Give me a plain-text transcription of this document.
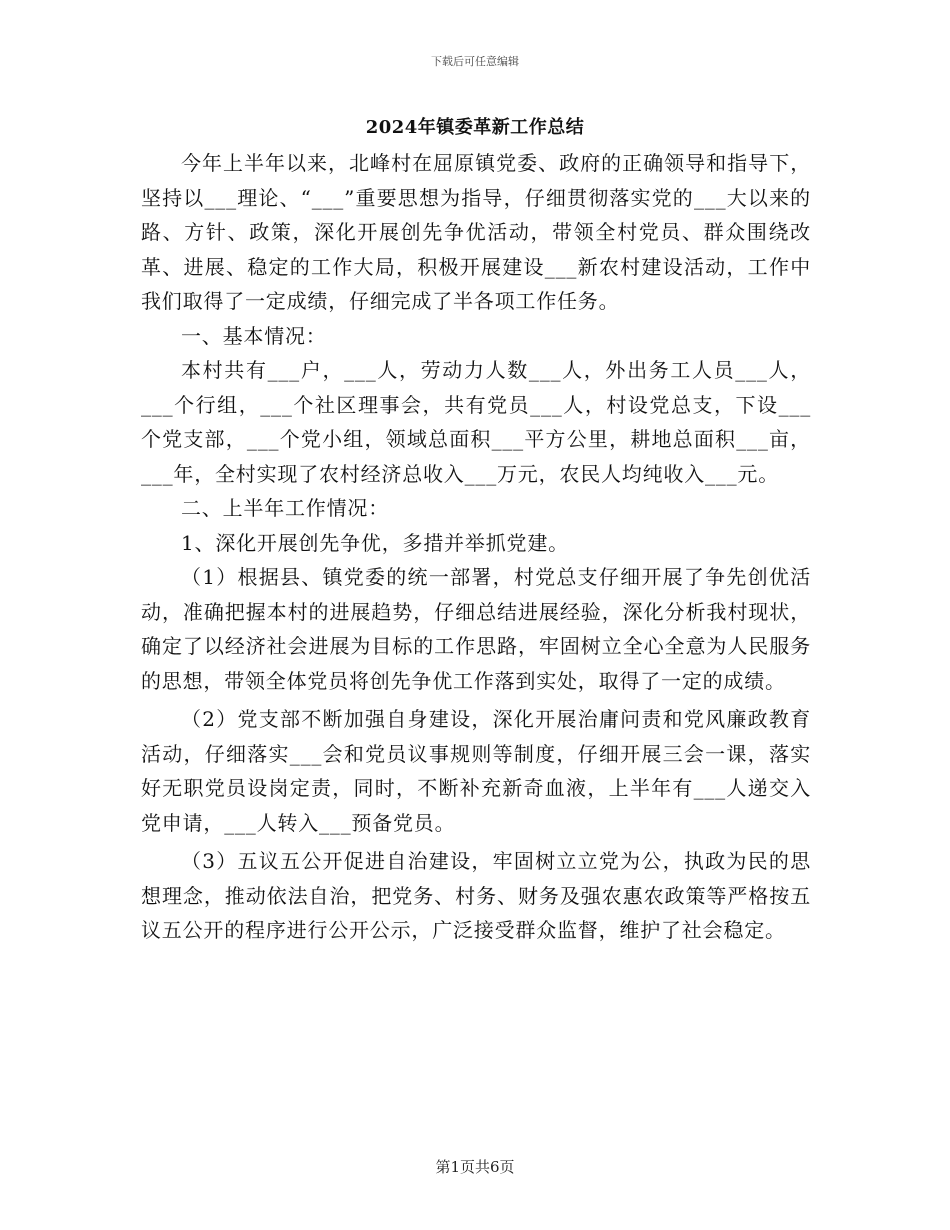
下载后可任意编辑
2024年镇委革新工作总结

今年上半年以来，北峰村在屈原镇党委、政府的正确领导和指导下，坚持以___理论、“___”重要思想为指导，仔细贯彻落实党的___大以来的路、方针、政策，深化开展创先争优活动，带领全村党员、群众围绕改革、进展、稳定的工作大局，积极开展建设___新农村建设活动，工作中我们取得了一定成绩，仔细完成了半各项工作任务。

一、基本情况：

本村共有___户，___人，劳动力人数___人，外出务工人员___人，___个行组，___个社区理事会，共有党员___人，村设党总支，下设___个党支部，___个党小组，领域总面积___平方公里，耕地总面积___亩，___年，全村实现了农村经济总收入___万元，农民人均纯收入___元。

二、上半年工作情况：

1、深化开展创先争优，多措并举抓党建。

（1）根据县、镇党委的统一部署，村党总支仔细开展了争先创优活动，准确把握本村的进展趋势，仔细总结进展经验，深化分析我村现状，确定了以经济社会进展为目标的工作思路，牢固树立全心全意为人民服务的思想，带领全体党员将创先争优工作落到实处，取得了一定的成绩。

（2）党支部不断加强自身建设，深化开展治庸问责和党风廉政教育活动，仔细落实___会和党员议事规则等制度，仔细开展三会一课，落实好无职党员设岗定责，同时，不断补充新奇血液，上半年有___人递交入党申请，___人转入___预备党员。

（3）五议五公开促进自治建设，牢固树立立党为公，执政为民的思想理念，推动依法自治，把党务、村务、财务及强农惠农政策等严格按五议五公开的程序进行公开公示，广泛接受群众监督，维护了社会稳定。

第1页共6页
